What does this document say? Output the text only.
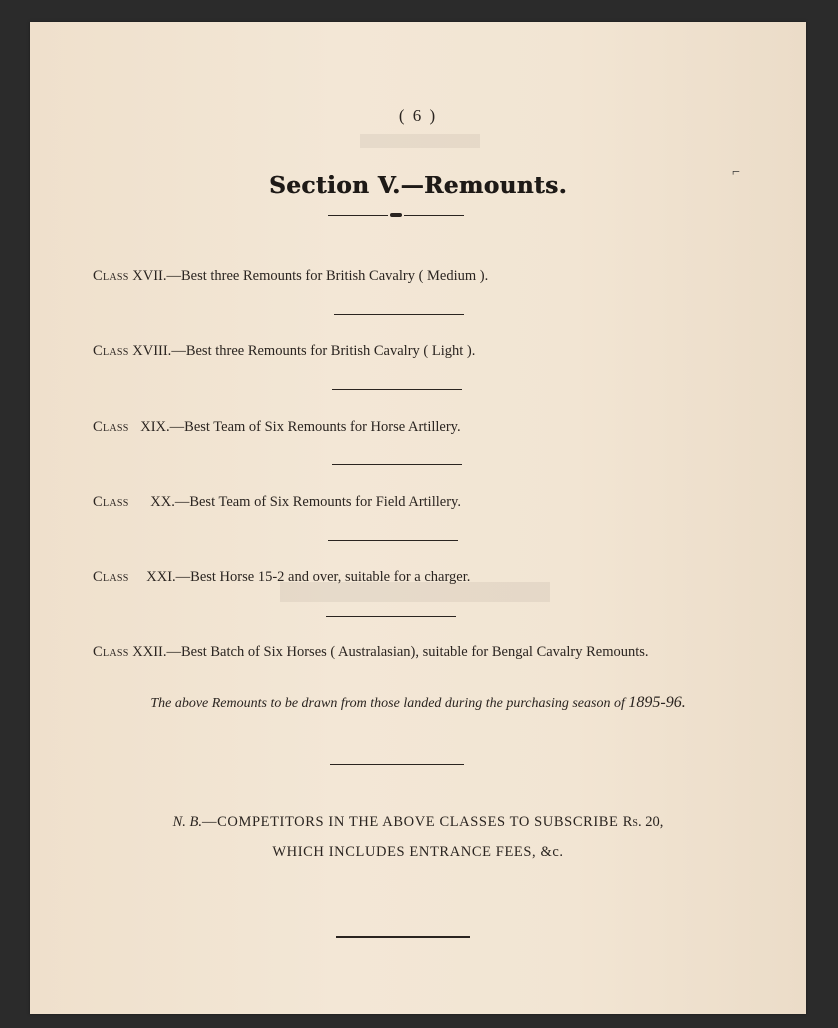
⌐
( 6 )
Section V.—Remounts.
Class XVII.—Best three Remounts for British Cavalry ( Medium ).
Class XVIII.—Best three Remounts for British Cavalry ( Light ).
Class XIX.—Best Team of Six Remounts for Horse Artillery.
Class XX.—Best Team of Six Remounts for Field Artillery.
Class XXI.—Best Horse 15-2 and over, suitable for a charger.
Class XXII.—Best Batch of Six Horses ( Australasian), suitable for Bengal Cavalry Remounts.
The above Remounts to be drawn from those landed during the purchasing season of 1895-96.
N. B.—COMPETITORS IN THE ABOVE CLASSES TO SUBSCRIBE Rs. 20,
WHICH INCLUDES ENTRANCE FEES, &c.
